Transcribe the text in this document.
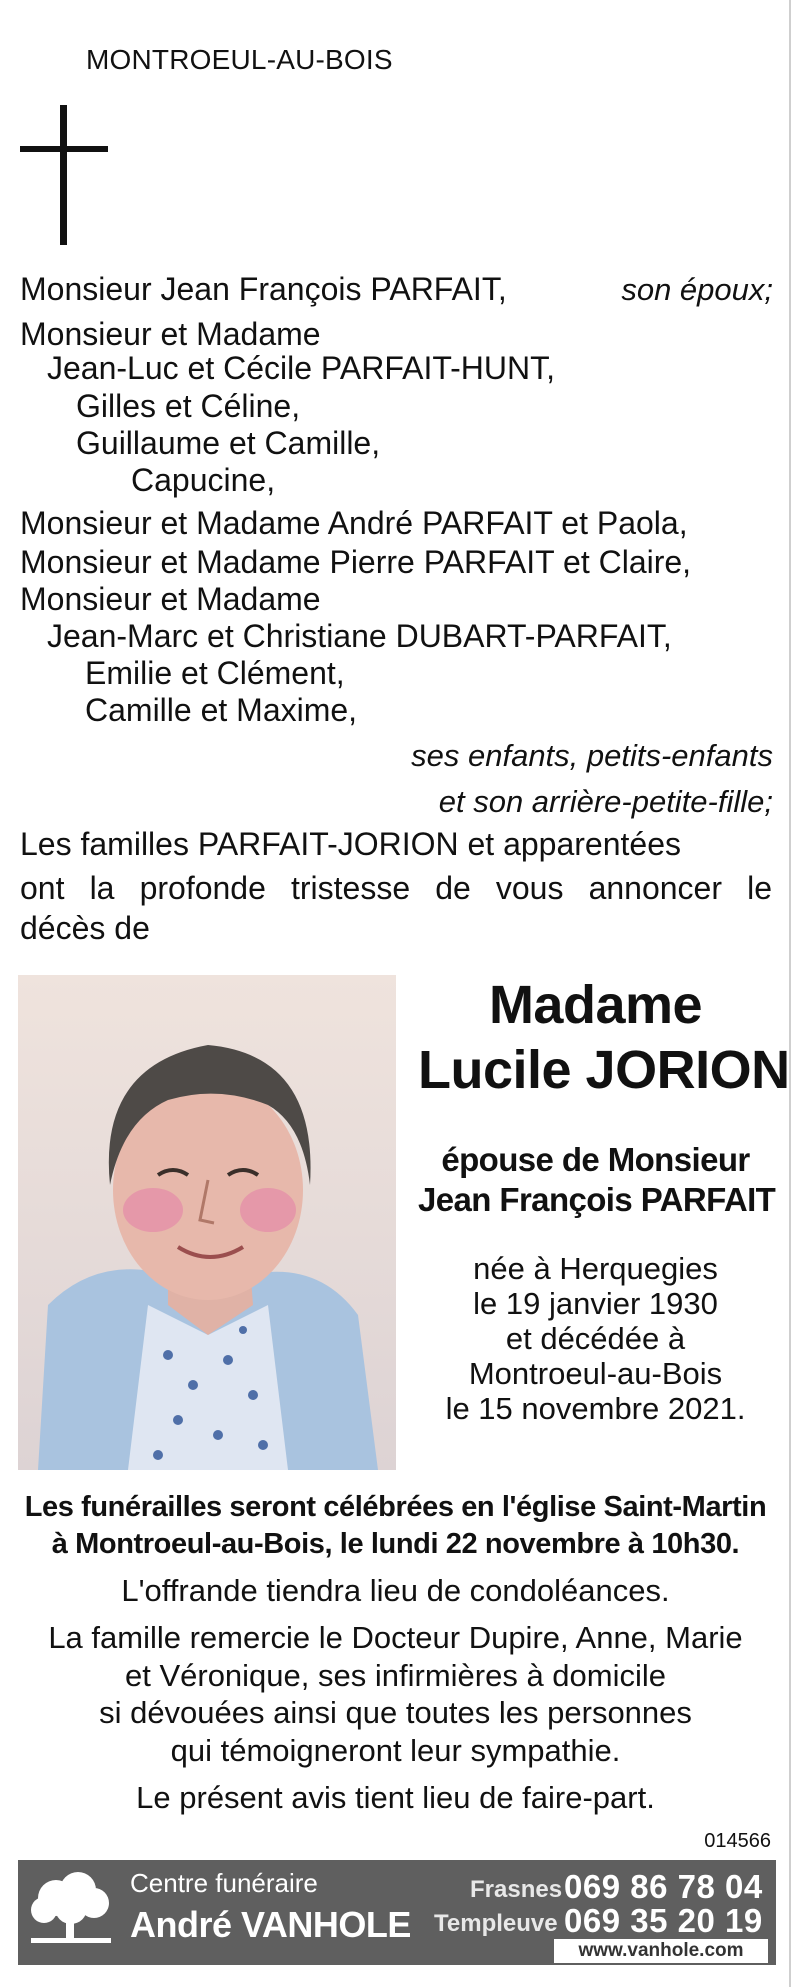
MONTROEUL-AU-BOIS
Monsieur Jean François PARFAIT,	son époux;
Monsieur et Madame
Jean-Luc et Cécile PARFAIT-HUNT,
Gilles et Céline,
Guillaume et Camille,
Capucine,
Monsieur et Madame André PARFAIT et Paola,
Monsieur et Madame Pierre PARFAIT et Claire,
Monsieur et Madame
Jean-Marc et Christiane DUBART-PARFAIT,
Emilie et Clément,
Camille et Maxime,
ses enfants, petits-enfants
et son arrière-petite-fille;
Les familles PARFAIT-JORION et apparentées
ont la profonde tristesse de vous annoncer le
décès de
Madame
Lucile JORION
épouse de Monsieur
Jean François PARFAIT
née à Herquegies
le 19 janvier 1930
et décédée à
Montroeul-au-Bois
le 15 novembre 2021.
Les funérailles seront célébrées en l'église Saint-Martin
à Montroeul-au-Bois, le lundi 22 novembre à 10h30.
L'offrande tiendra lieu de condoléances.
La famille remercie le Docteur Dupire, Anne, Marie
et Véronique, ses infirmières à domicile
si dévouées ainsi que toutes les personnes
qui témoigneront leur sympathie.
Le présent avis tient lieu de faire-part.
014566
Centre funéraire
André VANHOLE
Frasnes 069 86 78 04
Templeuve 069 35 20 19
www.vanhole.com
